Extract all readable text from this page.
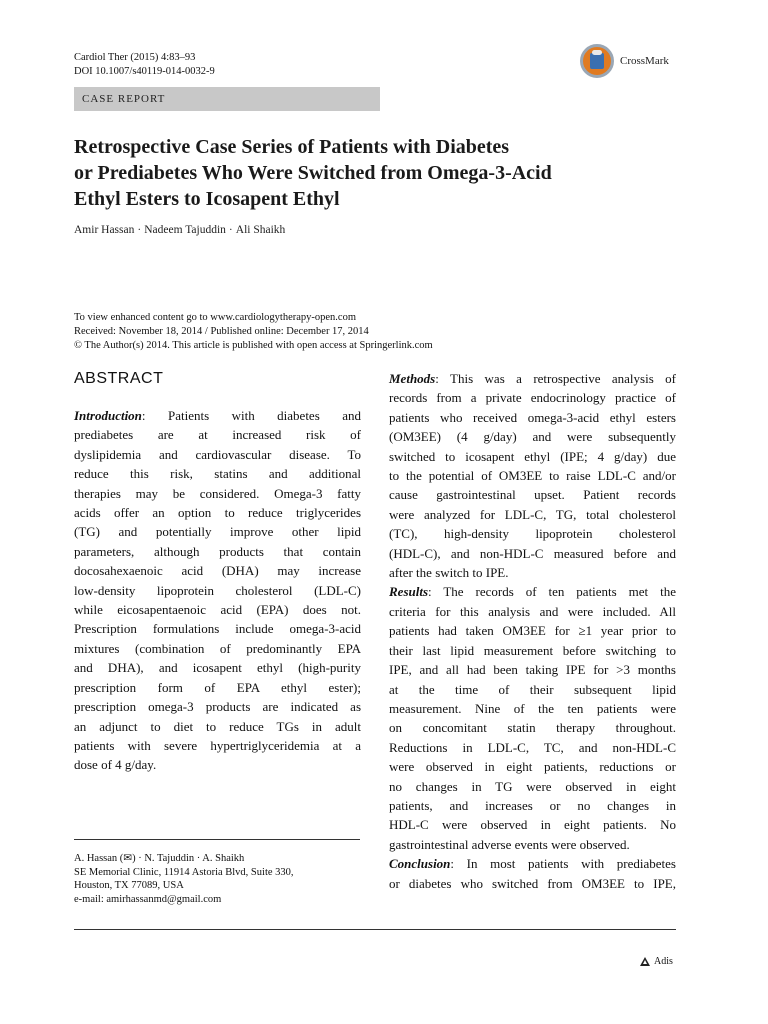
Cardiol Ther (2015) 4:83–93
DOI 10.1007/s40119-014-0032-9
CrossMark
CASE REPORT
Retrospective Case Series of Patients with Diabetes
or Prediabetes Who Were Switched from Omega-3-Acid
Ethyl Esters to Icosapent Ethyl
Amir Hassan · Nadeem Tajuddin · Ali Shaikh
To view enhanced content go to www.cardiologytherapy-open.com
Received: November 18, 2014 / Published online: December 17, 2014
© The Author(s) 2014. This article is published with open access at Springerlink.com
ABSTRACT
Introduction: Patients with diabetes and
prediabetes are at increased risk of
dyslipidemia and cardiovascular disease. To
reduce this risk, statins and additional
therapies may be considered. Omega-3 fatty
acids offer an option to reduce triglycerides
(TG) and potentially improve other lipid
parameters, although products that contain
docosahexaenoic acid (DHA) may increase
low-density lipoprotein cholesterol (LDL-C)
while eicosapentaenoic acid (EPA) does not.
Prescription formulations include omega-3-acid
mixtures (combination of predominantly EPA
and DHA), and icosapent ethyl (high-purity
prescription form of EPA ethyl ester);
prescription omega-3 products are indicated as
an adjunct to diet to reduce TGs in adult
patients with severe hypertriglyceridemia at a
dose of 4 g/day.
Methods: This was a retrospective analysis of
records from a private endocrinology practice of
patients who received omega-3-acid ethyl esters
(OM3EE) (4 g/day) and were subsequently
switched to icosapent ethyl (IPE; 4 g/day) due
to the potential of OM3EE to raise LDL-C and/or
cause gastrointestinal upset. Patient records
were analyzed for LDL-C, TG, total cholesterol
(TC), high-density lipoprotein cholesterol
(HDL-C), and non-HDL-C measured before and
after the switch to IPE.
Results: The records of ten patients met the
criteria for this analysis and were included. All
patients had taken OM3EE for ≥1 year prior to
their last lipid measurement before switching to
IPE, and all had been taking IPE for >3 months
at the time of their subsequent lipid
measurement. Nine of the ten patients were
on concomitant statin therapy throughout.
Reductions in LDL-C, TC, and non-HDL-C
were observed in eight patients, reductions or
no changes in TG were observed in eight
patients, and increases or no changes in
HDL-C were observed in eight patients. No
gastrointestinal adverse events were observed.
Conclusion: In most patients with prediabetes
or diabetes who switched from OM3EE to IPE,
A. Hassan (✉) · N. Tajuddin · A. Shaikh
SE Memorial Clinic, 11914 Astoria Blvd, Suite 330,
Houston, TX 77089, USA
e-mail: amirhassanmd@gmail.com
Adis
